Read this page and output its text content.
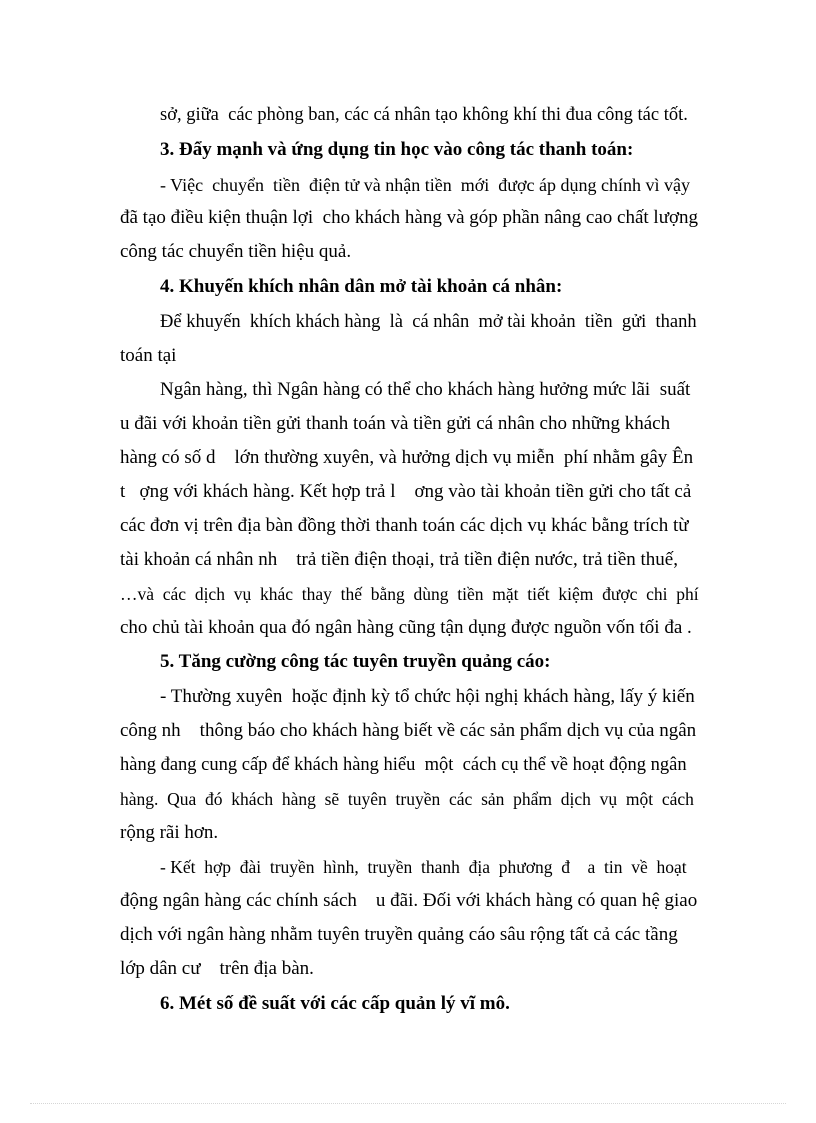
sở, giữa  các phòng ban, các cá nhân tạo không khí thi đua công tác tốt.
3. Đẩy mạnh và ứng dụng tin học vào công tác thanh toán:
- Việc  chuyển  tiền  điện tử và nhận tiền  mới  được áp dụng chính vì vậy
đã tạo điều kiện thuận lợi  cho khách hàng và góp phần nâng cao chất lượng
công tác chuyển tiền hiệu quả.
4. Khuyến khích nhân dân mở tài khoản cá nhân:
Để khuyến  khích khách hàng  là  cá nhân  mở tài khoản  tiền  gửi  thanh
toán tại
Ngân hàng, thì Ngân hàng có thể cho khách hàng hưởng mức lãi  suất
u đãi với khoản tiền gửi thanh toán và tiền gửi cá nhân cho những khách
hàng có số d    lớn thường xuyên, và hưởng dịch vụ miễn  phí nhằm gây Ên
t   ợng với khách hàng. Kết hợp trả l    ơng vào tài khoản tiền gửi cho tất cả
các đơn vị trên địa bàn đồng thời thanh toán các dịch vụ khác bằng trích từ
tài khoản cá nhân nh    trả tiền điện thoại, trả tiền điện nước, trả tiền thuế,
…và  các  dịch  vụ  khác  thay  thế  bằng  dùng  tiền  mặt  tiết  kiệm  được  chi  phí
cho chủ tài khoản qua đó ngân hàng cũng tận dụng được nguồn vốn tối đa .
5. Tăng cường công tác tuyên truyền quảng cáo:
- Thường xuyên  hoặc định kỳ tổ chức hội nghị khách hàng, lấy ý kiến
công nh    thông báo cho khách hàng biết về các sản phẩm dịch vụ của ngân
hàng đang cung cấp để khách hàng hiểu  một  cách cụ thể về hoạt động ngân
hàng.  Qua  đó  khách  hàng  sẽ  tuyên  truyền  các  sản  phẩm  dịch  vụ  một  cách
rộng rãi hơn.
- Kết  hợp  đài  truyền  hình,  truyền  thanh  địa  phương  đ    a  tin  về  hoạt
động ngân hàng các chính sách    u đãi. Đối với khách hàng có quan hệ giao
dịch với ngân hàng nhằm tuyên truyền quảng cáo sâu rộng tất cả các tầng
lớp dân cư    trên địa bàn.
6. Mét số đề suất với các cấp quản lý vĩ mô.
